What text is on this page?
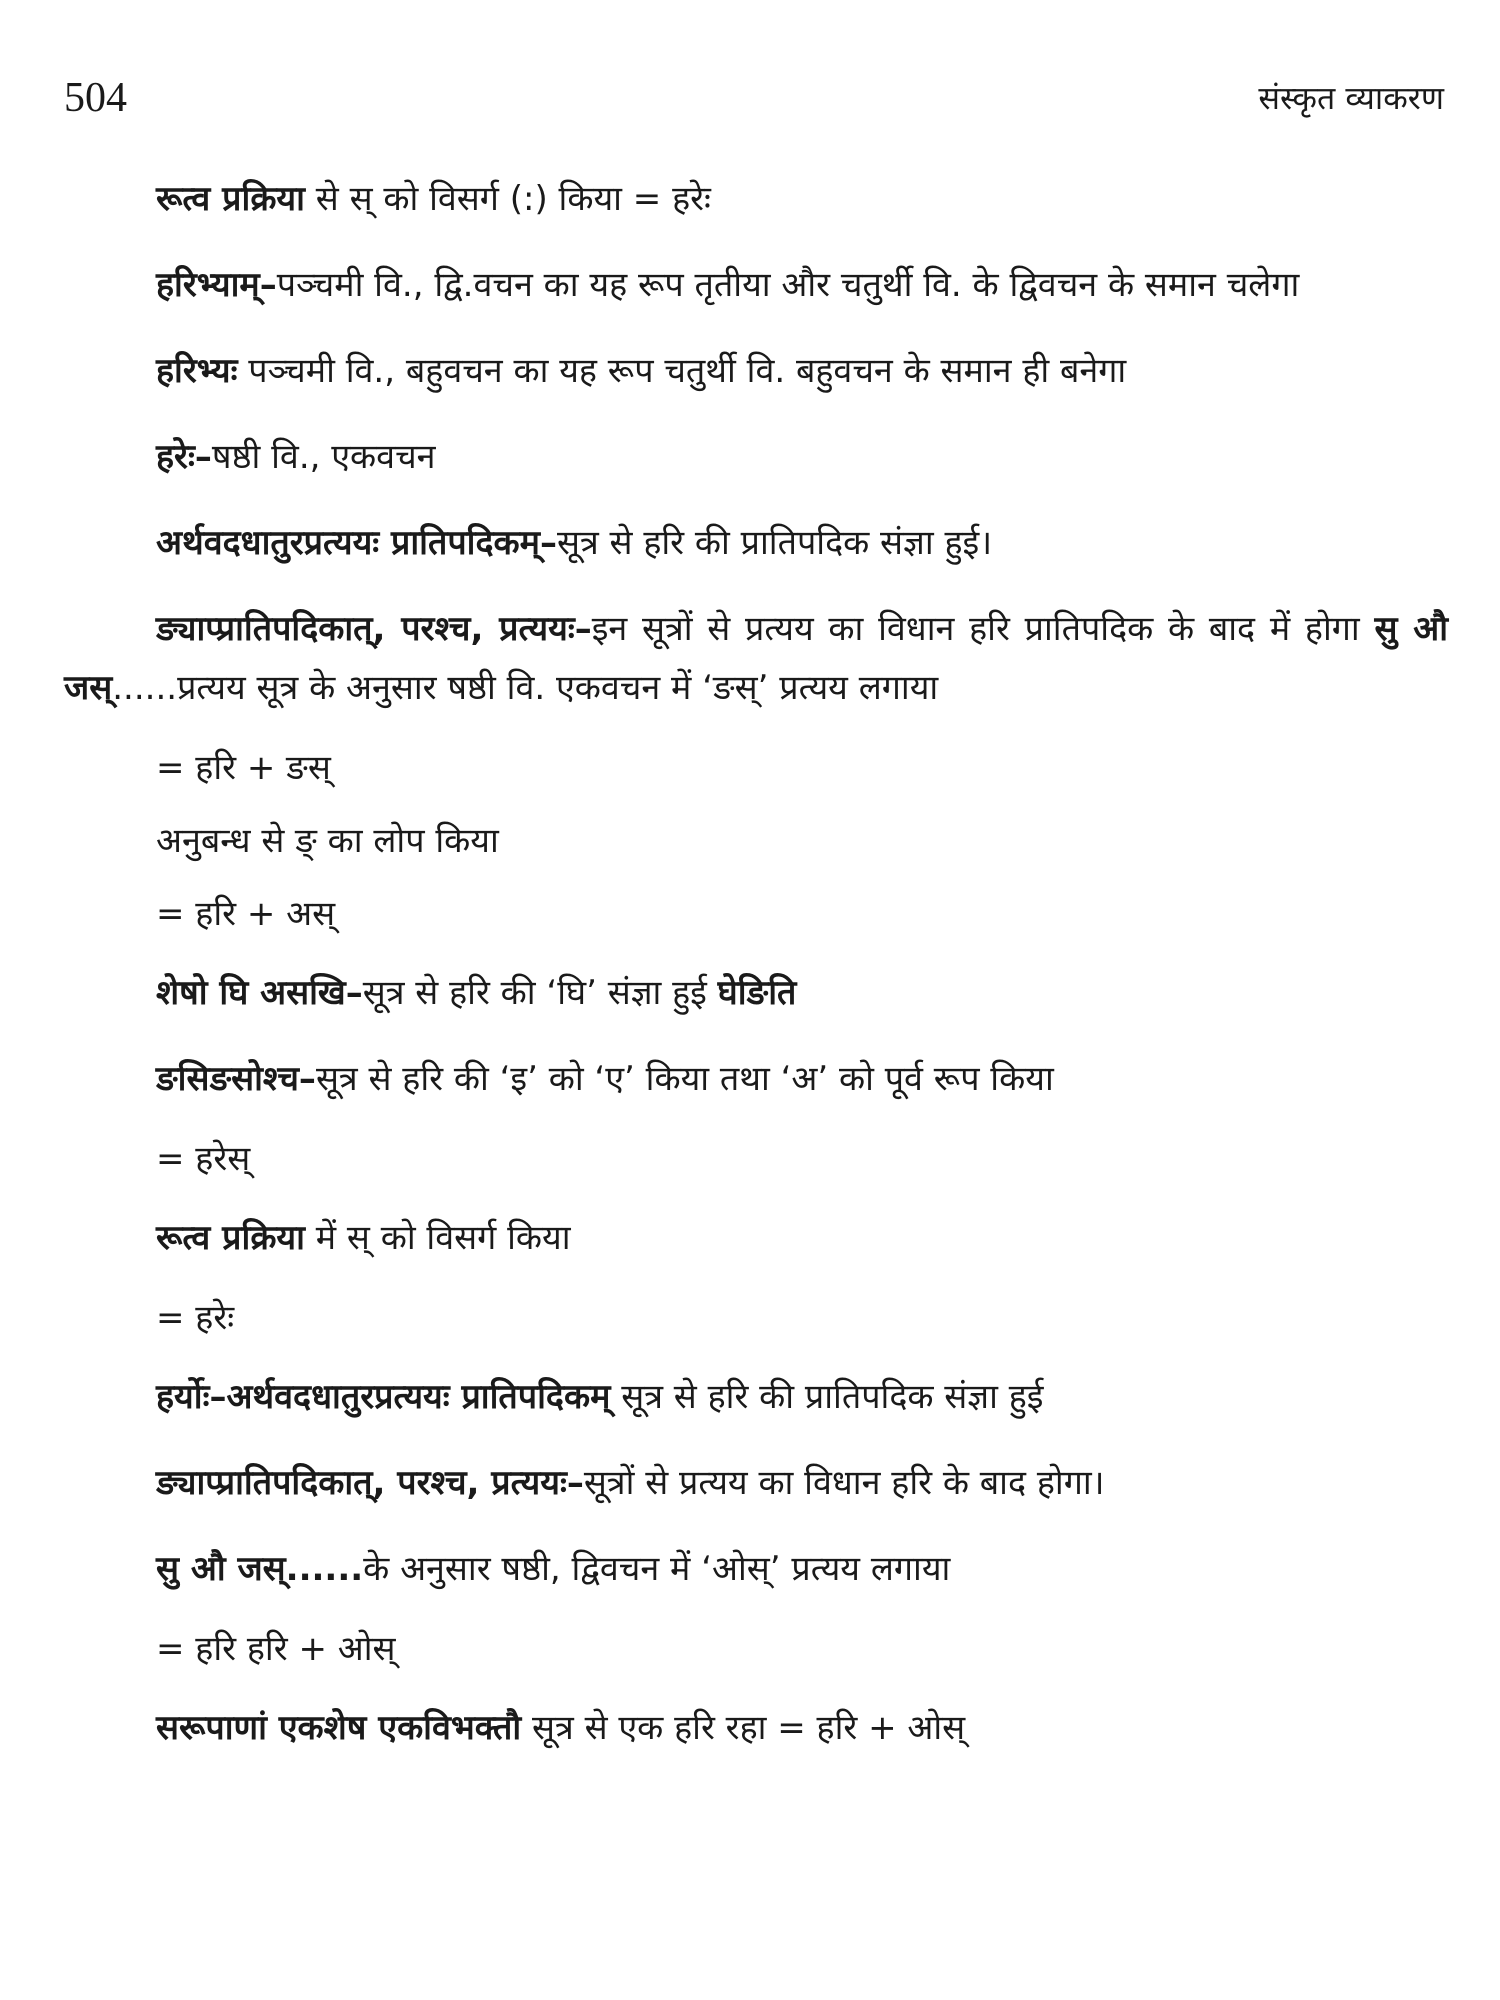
504	संस्कृत व्याकरण

रूत्व प्रक्रिया से स् को विसर्ग (:) किया = हरेः

हरिभ्याम्–पञ्चमी वि., द्वि.वचन का यह रूप तृतीया और चतुर्थी वि. के द्विवचन के समान चलेगा

हरिभ्यः पञ्चमी वि., बहुवचन का यह रूप चतुर्थी वि. बहुवचन के समान ही बनेगा

हरेः–षष्ठी वि., एकवचन

अर्थवदधातुरप्रत्ययः प्रातिपदिकम्–सूत्र से हरि की प्रातिपदिक संज्ञा हुई।

ङ्याप्प्रातिपदिकात्, परश्च, प्रत्ययः–इन सूत्रों से प्रत्यय का विधान हरि प्रातिपदिक के बाद में होगा सु औ जस्......प्रत्यय सूत्र के अनुसार षष्ठी वि. एकवचन में ‘ङस्’ प्रत्यय लगाया

= हरि + ङस्

अनुबन्ध से ङ् का लोप किया

= हरि + अस्

शेषो घि असखि–सूत्र से हरि की ‘घि’ संज्ञा हुई घेङिति

ङसिङसोश्च–सूत्र से हरि की ‘इ’ को ‘ए’ किया तथा ‘अ’ को पूर्व रूप किया

= हरेस्

रूत्व प्रक्रिया में स् को विसर्ग किया

= हरेः

हर्योः–अर्थवदधातुरप्रत्ययः प्रातिपदिकम् सूत्र से हरि की प्रातिपदिक संज्ञा हुई

ङ्याप्प्रातिपदिकात्, परश्च, प्रत्ययः–सूत्रों से प्रत्यय का विधान हरि के बाद होगा।

सु औ जस्......के अनुसार षष्ठी, द्विवचन में ‘ओस्’ प्रत्यय लगाया

= हरि हरि + ओस्

सरूपाणां एकशेष एकविभक्तौ सूत्र से एक हरि रहा = हरि + ओस्
